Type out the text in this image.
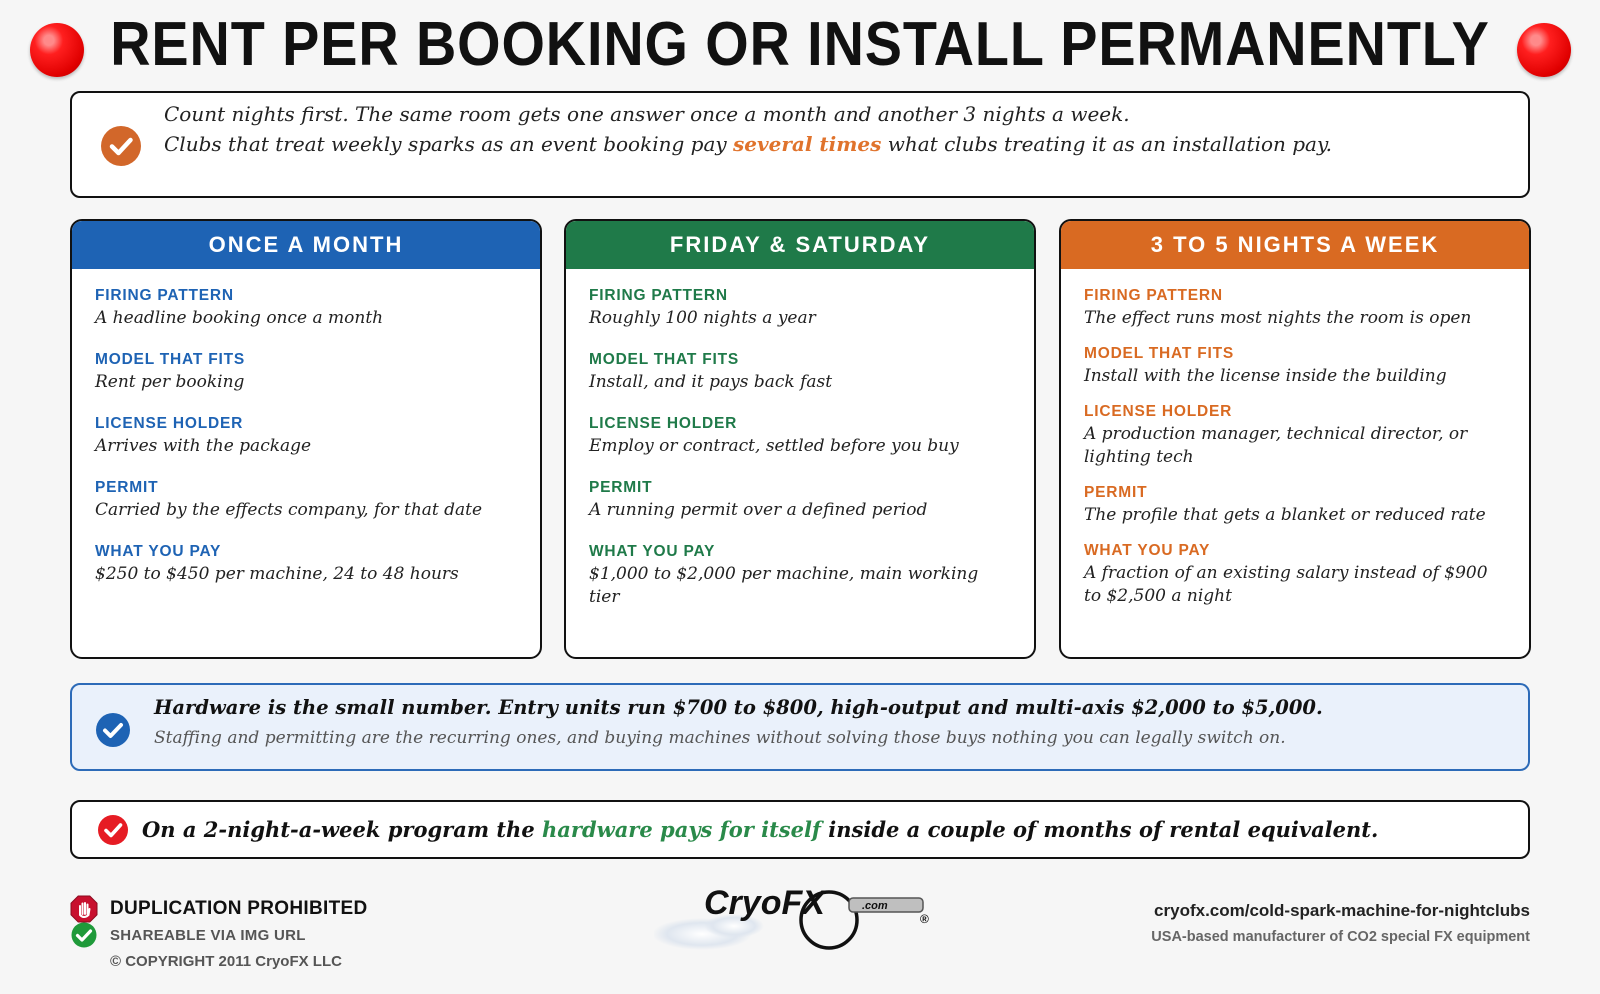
RENT PER BOOKING OR INSTALL PERMANENTLY
Count nights first. The same room gets one answer once a month and another 3 nights a week.
Clubs that treat weekly sparks as an event booking pay several times what clubs treating it as an installation pay.
ONCE A MONTH
FIRING PATTERN
A headline booking once a month
MODEL THAT FITS
Rent per booking
LICENSE HOLDER
Arrives with the package
PERMIT
Carried by the effects company, for that date
WHAT YOU PAY
$250 to $450 per machine, 24 to 48 hours
FRIDAY & SATURDAY
FIRING PATTERN
Roughly 100 nights a year
MODEL THAT FITS
Install, and it pays back fast
LICENSE HOLDER
Employ or contract, settled before you buy
PERMIT
A running permit over a defined period
WHAT YOU PAY
$1,000 to $2,000 per machine, main working tier
3 TO 5 NIGHTS A WEEK
FIRING PATTERN
The effect runs most nights the room is open
MODEL THAT FITS
Install with the license inside the building
LICENSE HOLDER
A production manager, technical director, or lighting tech
PERMIT
The profile that gets a blanket or reduced rate
WHAT YOU PAY
A fraction of an existing salary instead of $900 to $2,500 a night
Hardware is the small number. Entry units run $700 to $800, high-output and multi-axis $2,000 to $5,000.
Staffing and permitting are the recurring ones, and buying machines without solving those buys nothing you can legally switch on.
On a 2-night-a-week program the hardware pays for itself inside a couple of months of rental equivalent.
DUPLICATION PROHIBITED
SHAREABLE VIA IMG URL
© COPYRIGHT 2011 CryoFX LLC
.com
CryoFX	®	cryofx.com/cold-spark-machine-for-nightclubs
USA-based manufacturer of CO2 special FX equipment
